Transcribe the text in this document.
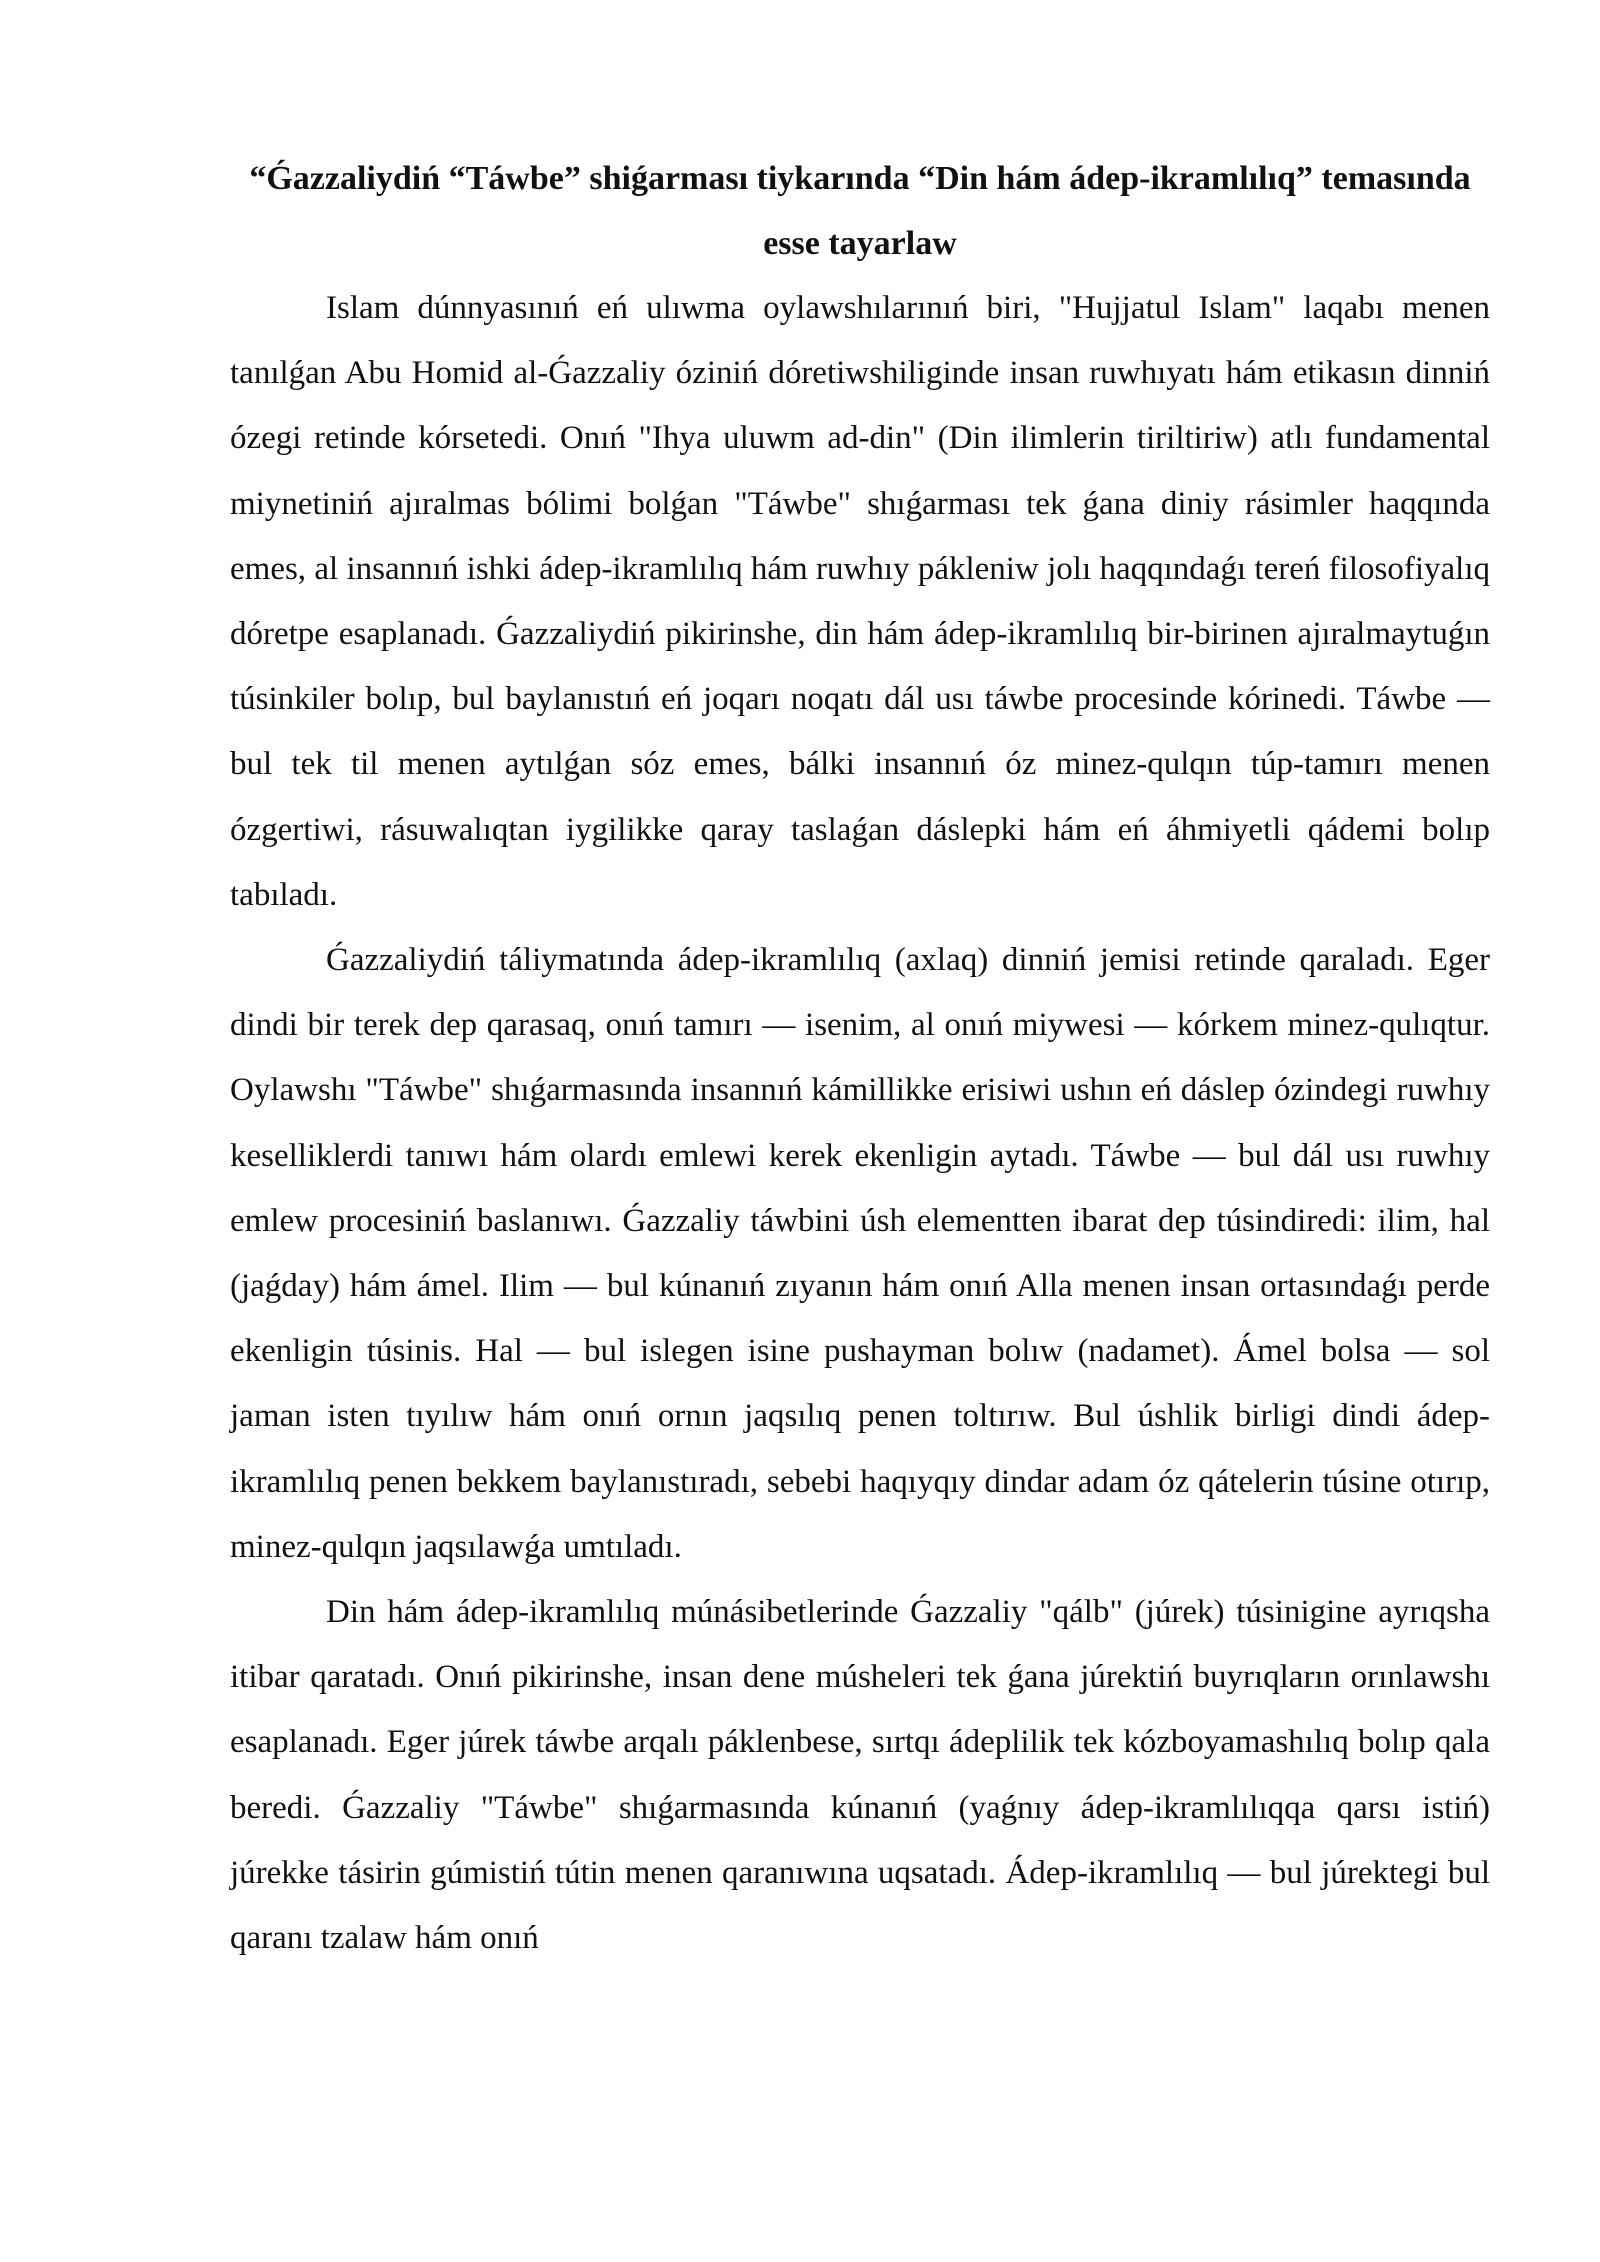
“Ǵazzaliydiń “Táwbe” shiǵarması tiykarında “Din hám ádep-ikramlılıq” temasında esse tayarlaw

Islam dúnnyasınıń eń ulıwma oylawshılarınıń biri, "Hujjatul Islam" laqabı menen tanılǵan Abu Homid al-Ǵazzaliy óziniń dóretiwshiliginde insan ruwhıyatı hám etikasın dinniń ózegi retinde kórsetedi. Onıń "Ihya uluwm ad-din" (Din ilimlerin tiriltiriw) atlı fundamental miynetiniń ajıralmas bólimi bolǵan "Táwbe" shıǵarması tek ǵana diniy rásimler haqqında emes, al insannıń ishki ádep-ikramlılıq hám ruwhıy pákleniw jolı haqqındaǵı tereń filosofiyalıq dóretpe esaplanadı. Ǵazzaliydiń pikirinshe, din hám ádep-ikramlılıq bir-birinen ajıralmaytuǵın túsinkiler bolıp, bul baylanıstıń eń joqarı noqatı dál usı táwbe procesinde kórinedi. Táwbe — bul tek til menen aytılǵan sóz emes, bálki insannıń óz minez-qulqın túp-tamırı menen ózgertiwi, rásuwalıqtan iygilikke qaray taslaǵan dáslepki hám eń áhmiyetli qádemi bolıp tabıladı.

Ǵazzaliydiń táliymatında ádep-ikramlılıq (axlaq) dinniń jemisi retinde qaraladı. Eger dindi bir terek dep qarasaq, onıń tamırı — isenim, al onıń miywesi — kórkem minez-qulıqtur. Oylawshı "Táwbe" shıǵarmasında insannıń kámillikke erisiwi ushın eń dáslep ózindegi ruwhıy keselliklerdi tanıwı hám olardı emlewi kerek ekenligin aytadı. Táwbe — bul dál usı ruwhıy emlew procesiniń baslanıwı. Ǵazzaliy táwbini úsh elementten ibarat dep túsindiredi: ilim, hal (jaǵday) hám ámel. Ilim — bul kúnanıń zıyanın hám onıń Alla menen insan ortasındaǵı perde ekenligin túsinis. Hal — bul islegen isine pushayman bolıw (nadamet). Ámel bolsa — sol jaman isten tıyılıw hám onıń ornın jaqsılıq penen toltırıw. Bul úshlik birligi dindi ádep-ikramlılıq penen bekkem baylanıstıradı, sebebi haqıyqıy dindar adam óz qátelerin túsine otırıp, minez-qulqın jaqsılawǵa umtıladı.

Din hám ádep-ikramlılıq múnásibetlerinde Ǵazzaliy "qálb" (júrek) túsinigine ayrıqsha itibar qaratadı. Onıń pikirinshe, insan dene músheleri tek ǵana júrektiń buyrıqların orınlawshı esaplanadı. Eger júrek táwbe arqalı páklenbese, sırtqı ádeplilik tek kózboyamashılıq bolıp qala beredi. Ǵazzaliy "Táwbe" shıǵarmasında kúnanıń (yaǵnıy ádep-ikramlılıqqa qarsı istiń) júrekke tásirin gúmistiń tútin menen qaranıwına uqsatadı. Ádep-ikramlılıq — bul júrektegi bul qaranı tzalaw hám onıń
